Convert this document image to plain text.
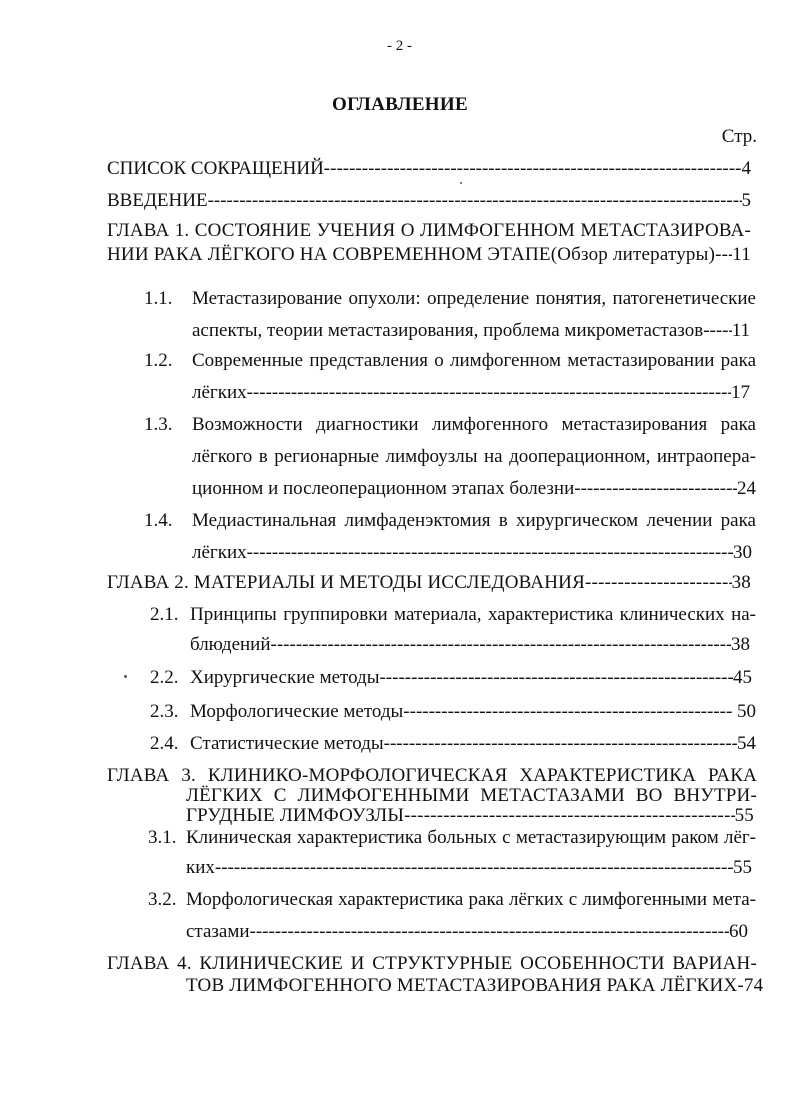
- 2 -
ОГЛАВЛЕНИЕ
Стр.
СПИСОК СОКРАЩЕНИЙ -----	4
ВВЕДЕНИЕ -----	5
ГЛАВА 1. СОСТОЯНИЕ УЧЕНИЯ О ЛИМФОГЕННОМ МЕТАСТАЗИРОВА-
НИИ РАКА ЛЁГКОГО НА СОВРЕМЕННОМ ЭТАПЕ (Обзор литературы) ----- 11
1.1. Метастазирование опухоли: определение понятия, патогенетические
аспекты, теории метастазирования, проблема микрометастазов ----- 11
1.2. Современные представления о лимфогенном метастазировании рака
лёгких -----	17
1.3. Возможности диагностики лимфогенного метастазирования рака
лёгкого в регионарные лимфоузлы на дооперационном, интраопера-
ционном и послеоперационном этапах болезни -----	24
1.4. Медиастинальная лимфаденэктомия в хирургическом лечении рака
лёгких -----	30
ГЛАВА 2. МАТЕРИАЛЫ И МЕТОДЫ ИССЛЕДОВАНИЯ -----	38
2.1. Принципы группировки материала, характеристика клинических на-
блюдений -----	38
2.2. Хирургические методы -----	45
2.3. Морфологические методы -----	50
2.4. Статистические методы -----	54
ГЛАВА 3. КЛИНИКО-МОРФОЛОГИЧЕСКАЯ ХАРАКТЕРИСТИКА РАКА
ЛЁГКИХ С ЛИМФОГЕННЫМИ МЕТАСТАЗАМИ ВО ВНУТРИ-
ГРУДНЫЕ ЛИМФОУЗЛЫ -----	55
3.1. Клиническая характеристика больных с метастазирующим раком лёг-
ких -----	55
3.2. Морфологическая характеристика рака лёгких с лимфогенными мета-
стазами -----	60
ГЛАВА 4. КЛИНИЧЕСКИЕ И СТРУКТУРНЫЕ ОСОБЕННОСТИ ВАРИАН-
ТОВ ЛИМФОГЕННОГО МЕТАСТАЗИРОВАНИЯ РАКА ЛЁГКИХ- 74
